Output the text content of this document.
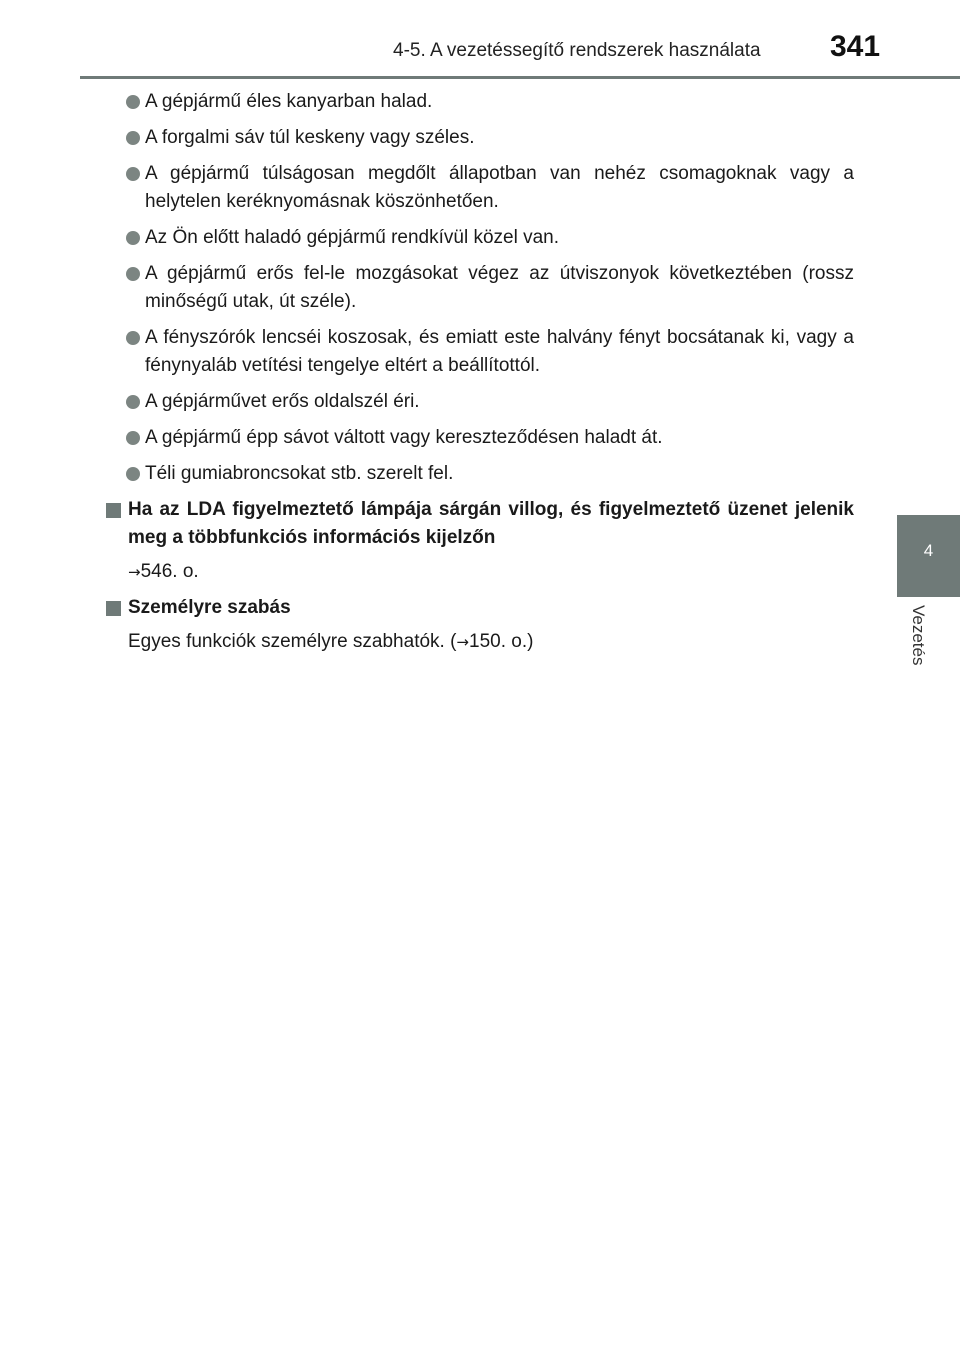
4-5. A vezetéssegítő rendszerek használata 341
4
Vezetés
A gépjármű éles kanyarban halad.
A forgalmi sáv túl keskeny vagy széles.
A gépjármű túlságosan megdőlt állapotban van nehéz csomagoknak vagy a helytelen keréknyomásnak köszönhetően.
Az Ön előtt haladó gépjármű rendkívül közel van.
A gépjármű erős fel-le mozgásokat végez az útviszonyok következtében (rossz minőségű utak, út széle).
A fényszórók lencséi koszosak, és emiatt este halvány fényt bocsátanak ki, vagy a fénynyaláb vetítési tengelye eltért a beállítottól.
A gépjárművet erős oldalszél éri.
A gépjármű épp sávot váltott vagy kereszteződésen haladt át.
Téli gumiabroncsokat stb. szerelt fel.
Ha az LDA figyelmeztető lámpája sárgán villog, és figyelmeztető üzenet jelenik meg a többfunkciós információs kijelzőn
→546. o.
Személyre szabás
Egyes funkciók személyre szabhatók. (→150. o.)
